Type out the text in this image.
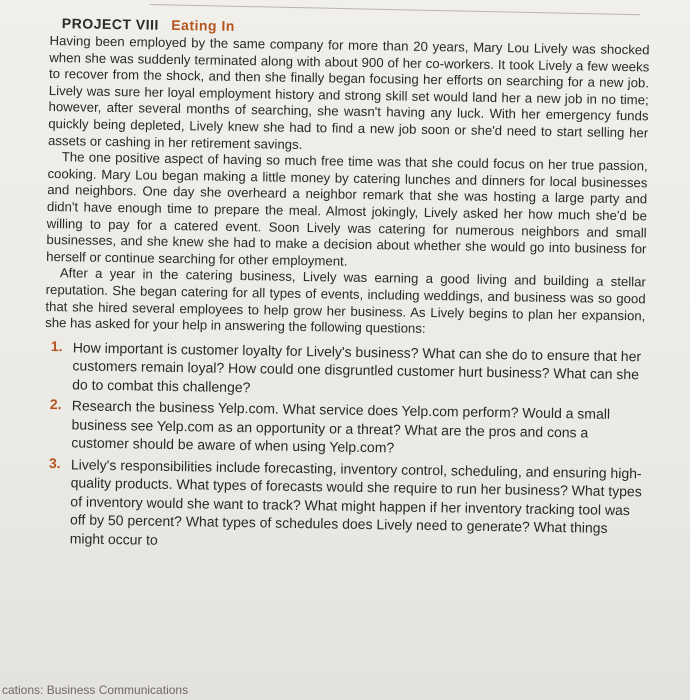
PROJECT VIII Eating In

Having been employed by the same company for more than 20 years, Mary Lou Lively was shocked when she was suddenly terminated along with about 900 of her co-workers. It took Lively a few weeks to recover from the shock, and then she finally began focusing her efforts on searching for a new job. Lively was sure her loyal employment history and strong skill set would land her a new job in no time; however, after several months of searching, she wasn't having any luck. With her emergency funds quickly being depleted, Lively knew she had to find a new job soon or she'd need to start selling her assets or cashing in her retirement savings.

The one positive aspect of having so much free time was that she could focus on her true passion, cooking. Mary Lou began making a little money by catering lunches and dinners for local businesses and neighbors. One day she overheard a neighbor remark that she was hosting a large party and didn't have enough time to prepare the meal. Almost jokingly, Lively asked her how much she'd be willing to pay for a catered event. Soon Lively was catering for numerous neighbors and small businesses, and she knew she had to make a decision about whether she would go into business for herself or continue searching for other employment.

After a year in the catering business, Lively was earning a good living and building a stellar reputation. She began catering for all types of events, including weddings, and business was so good that she hired several employees to help grow her business. As Lively begins to plan her expansion, she has asked for your help in answering the following questions:

1. How important is customer loyalty for Lively's business? What can she do to ensure that her customers remain loyal? How could one disgruntled customer hurt business? What can she do to combat this challenge?
2. Research the business Yelp.com. What service does Yelp.com perform? Would a small business see Yelp.com as an opportunity or a threat? What are the pros and cons a customer should be aware of when using Yelp.com?
3. Lively's responsibilities include forecasting, inventory control, scheduling, and ensuring high-quality products. What types of forecasts would she require to run her business? What types of inventory would she want to track? What might happen if her inventory tracking tool was off by 50 percent? What types of schedules does Lively need to generate? What things might occur to
cations: Business Communications
